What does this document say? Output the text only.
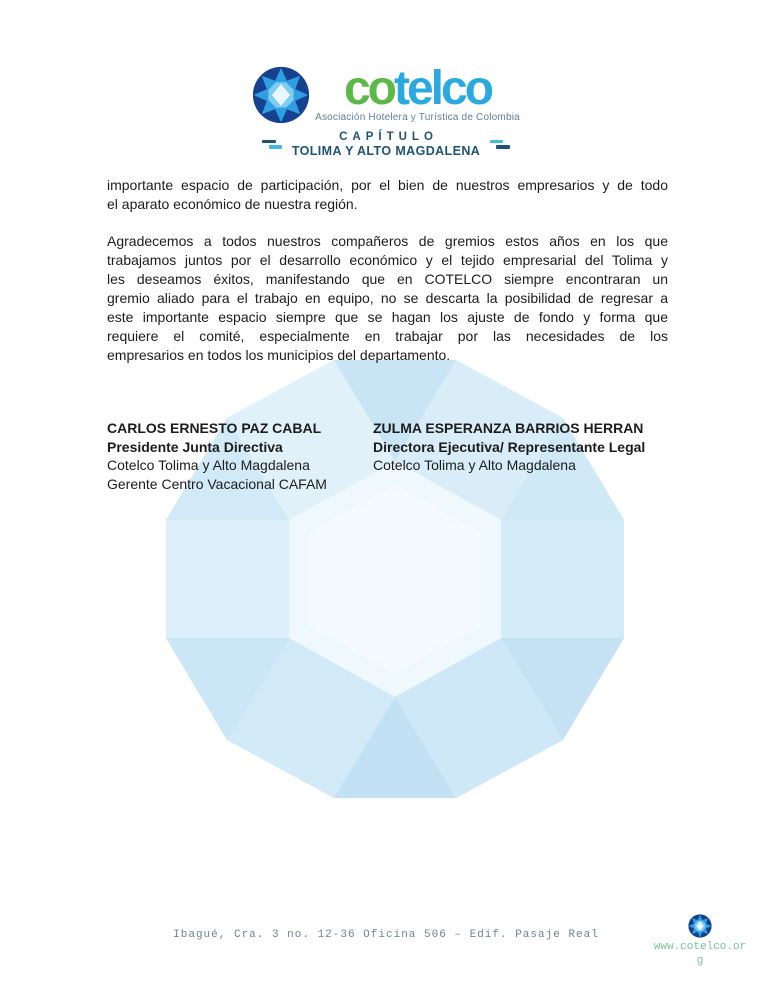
cotelco
Asociación Hotelera y Turística de Colombia
CAPÍTULO
TOLIMA Y ALTO MAGDALENA
importante espacio de participación, por el bien de nuestros empresarios y de todo
el aparato económico de nuestra región.
Agradecemos a todos nuestros compañeros de gremios estos años en los que
trabajamos juntos por el desarrollo económico y el tejido empresarial del Tolima y
les deseamos éxitos, manifestando que en COTELCO siempre encontraran un
gremio aliado para el trabajo en equipo, no se descarta la posibilidad de regresar a
este importante espacio siempre que se hagan los ajuste de fondo y forma que
requiere el comité, especialmente en trabajar por las necesidades de los
empresarios en todos los municipios del departamento.
CARLOS ERNESTO PAZ CABAL
Presidente Junta Directiva
Cotelco Tolima y Alto Magdalena
Gerente Centro Vacacional CAFAM
ZULMA ESPERANZA BARRIOS HERRAN
Directora Ejecutiva/ Representante Legal
Cotelco Tolima y Alto Magdalena
Ibagué, Cra. 3 no. 12-36 Oficina 506 – Edif. Pasaje Real
www.cotelco.org
